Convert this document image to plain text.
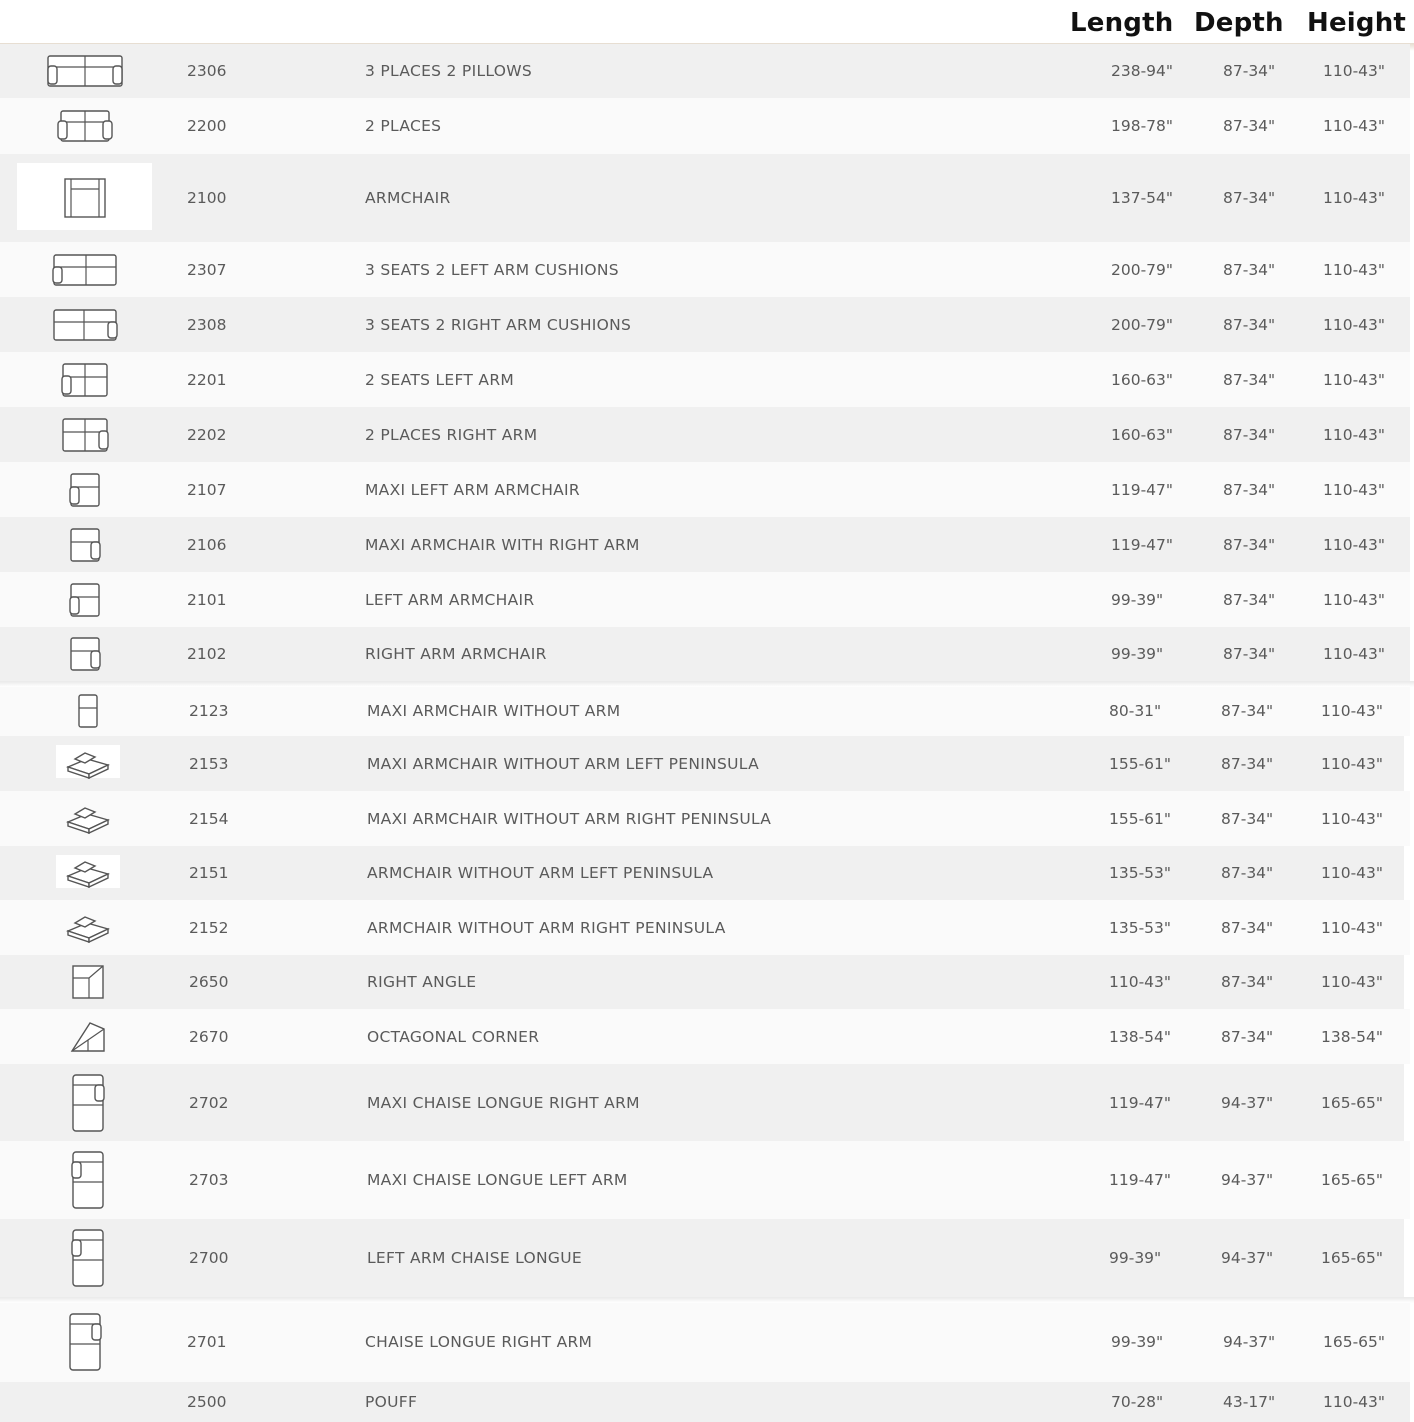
Length Depth Height
2306	3 PLACES 2 PILLOWS	238-94"	87-34"	110-43"
2200	2 PLACES	198-78"	87-34"	110-43"
2100	ARMCHAIR	137-54"	87-34"	110-43"
2307	3 SEATS 2 LEFT ARM CUSHIONS	200-79"	87-34"	110-43"
2308	3 SEATS 2 RIGHT ARM CUSHIONS	200-79"	87-34"	110-43"
2201	2 SEATS LEFT ARM	160-63"	87-34"	110-43"
2202	2 PLACES RIGHT ARM	160-63"	87-34"	110-43"
2107	MAXI LEFT ARM ARMCHAIR	119-47"	87-34"	110-43"
2106	MAXI ARMCHAIR WITH RIGHT ARM	119-47"	87-34"	110-43"
2101	LEFT ARM ARMCHAIR	99-39"	87-34"	110-43"
2102	RIGHT ARM ARMCHAIR	99-39"	87-34"	110-43"
2123	MAXI ARMCHAIR WITHOUT ARM	80-31"	87-34"	110-43"
2153	MAXI ARMCHAIR WITHOUT ARM LEFT PENINSULA	155-61"	87-34"	110-43"
2154	MAXI ARMCHAIR WITHOUT ARM RIGHT PENINSULA	155-61"	87-34"	110-43"
2151	ARMCHAIR WITHOUT ARM LEFT PENINSULA	135-53"	87-34"	110-43"
2152	ARMCHAIR WITHOUT ARM RIGHT PENINSULA	135-53"	87-34"	110-43"
2650	RIGHT ANGLE	110-43"	87-34"	110-43"
2670	OCTAGONAL CORNER	138-54"	87-34"	138-54"
2702	MAXI CHAISE LONGUE RIGHT ARM	119-47"	94-37"	165-65"
2703	MAXI CHAISE LONGUE LEFT ARM	119-47"	94-37"	165-65"
2700	LEFT ARM CHAISE LONGUE	99-39"	94-37"	165-65"
2701	CHAISE LONGUE RIGHT ARM	99-39"	94-37"	165-65"
2500	POUFF	70-28"	43-17"	110-43"
